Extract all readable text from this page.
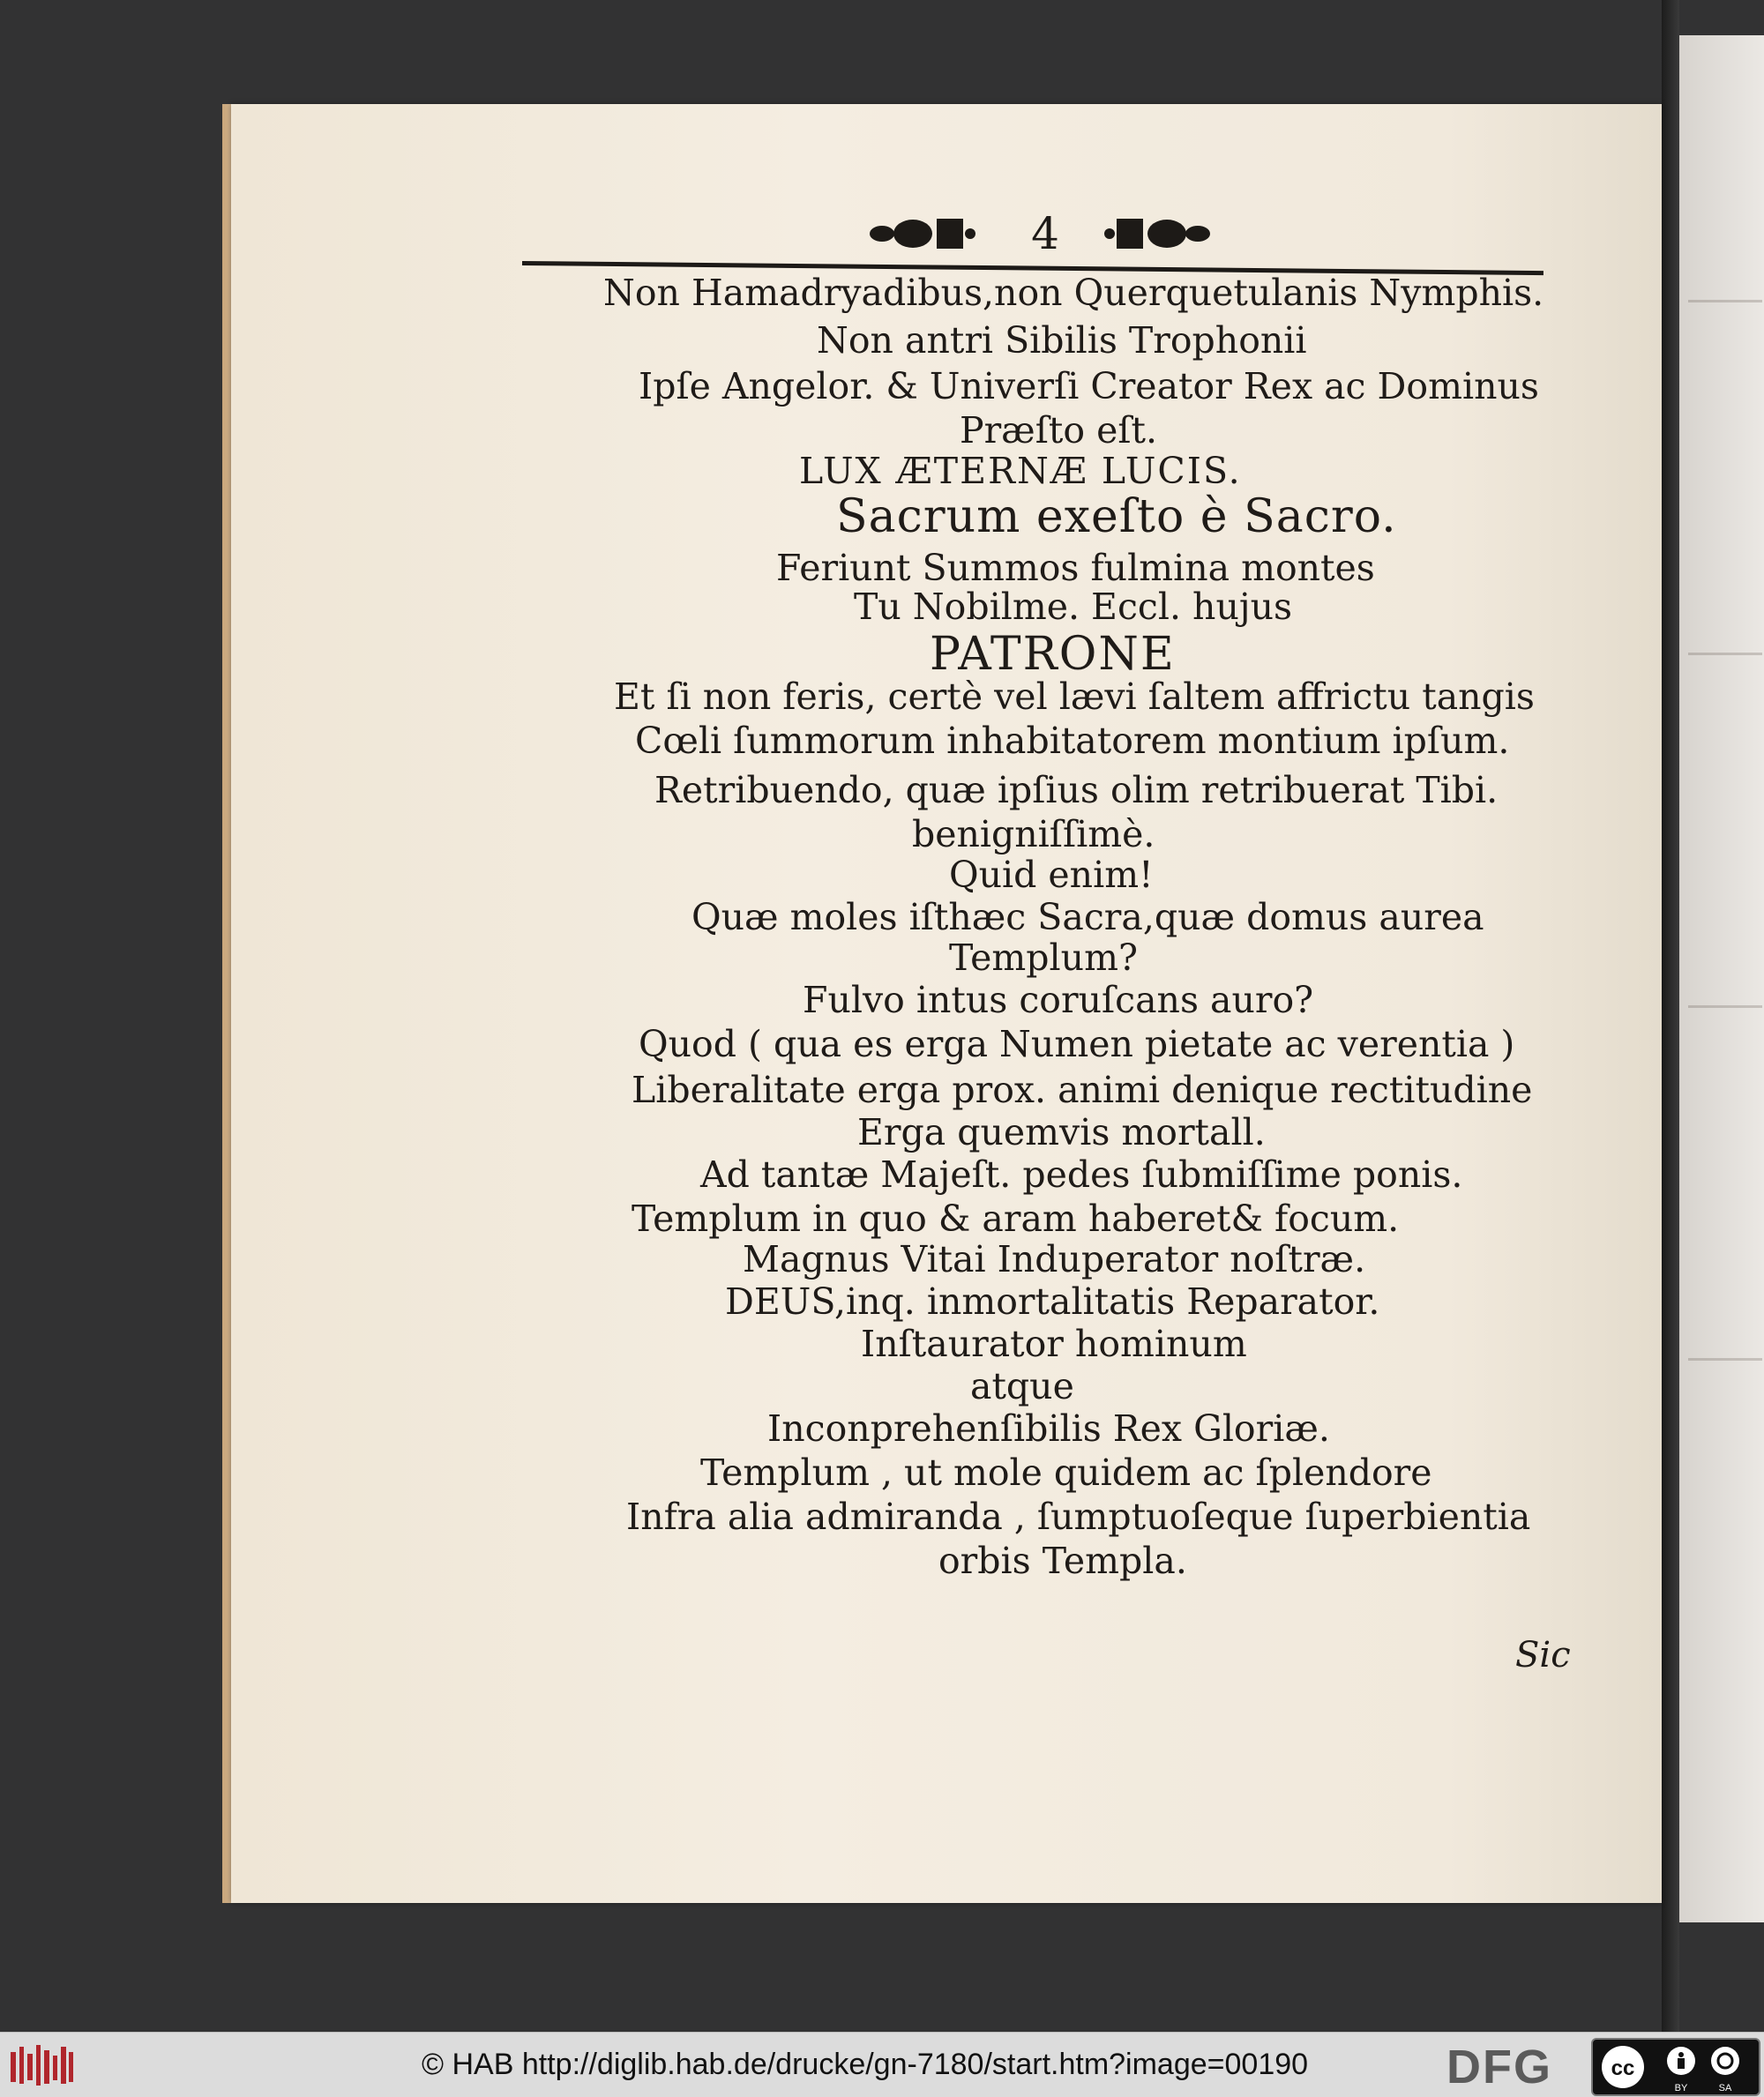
4
Non Hamadryadibus,non Querquetulanis Nymphis.
Non antri Sibilis Trophonii
Ipſe Angelor. & Univerſi Creator Rex ac Dominus
Præſto eſt.
LUX ÆTERNÆ LUCIS.
Sacrum exeſto è Sacro.
Feriunt Summos fulmina montes
Tu Nobilme. Eccl. hujus
PATRONE
Et ſi non feris, certè vel lævi ſaltem affrictu tangis
Cœli ſummorum inhabitatorem montium ipſum.
Retribuendo, quæ ipſius olim retribuerat Tibi.
benigniſſimè.
Quid enim!
Quæ moles iſthæc Sacra,quæ domus aurea
Templum?
Fulvo intus coruſcans auro?
Quod ( qua es erga Numen pietate ac verentia )
Liberalitate erga prox. animi denique rectitudine
Erga quemvis mortall.
Ad tantæ Majeſt. pedes ſubmiſſime ponis.
Templum in quo & aram haberet& focum.
Magnus Vitai Induperator noſtræ.
DEUS,inq. inmortalitatis Reparator.
Inſtaurator hominum
atque
Inconprehenſibilis Rex Gloriæ.
Templum , ut mole quidem ac ſplendore
Infra alia admiranda , ſumptuoſeque ſuperbientia
orbis Templa.
Sic
© HAB http://diglib.hab.de/drucke/gn-7180/start.htm?image=00190	DFG	cc
BY	SA
